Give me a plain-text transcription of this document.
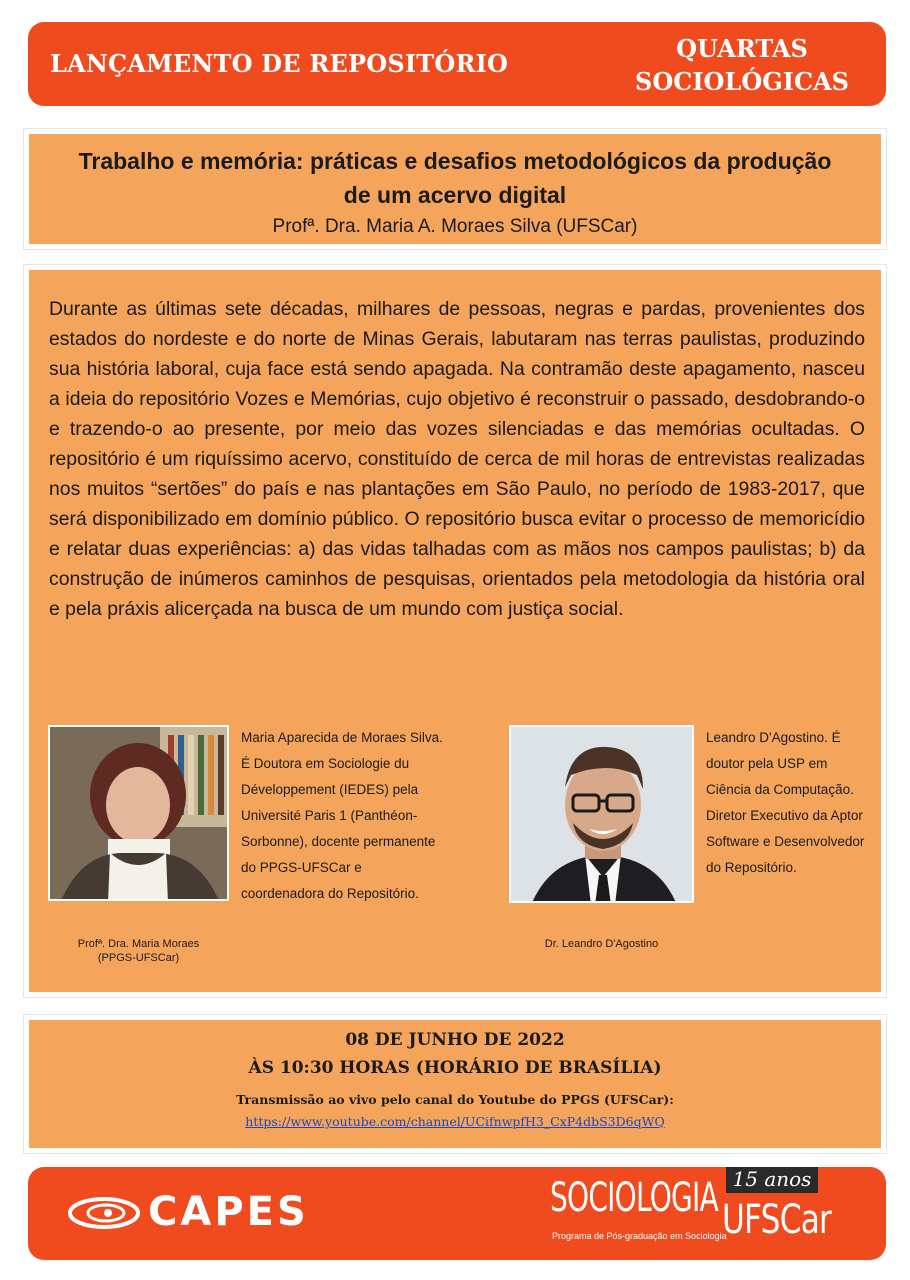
LANÇAMENTO DE REPOSITÓRIO
QUARTAS
SOCIOLÓGICAS
Trabalho e memória: práticas e desafios metodológicos da produção de um acervo digital
Profª. Dra. Maria A. Moraes Silva (UFSCar)

Durante as últimas sete décadas, milhares de pessoas, negras e pardas, provenientes dos estados do nordeste e do norte de Minas Gerais, labutaram nas terras paulistas, produzindo sua história laboral, cuja face está sendo apagada. Na contramão deste apagamento, nasceu a ideia do repositório Vozes e Memórias, cujo objetivo é reconstruir o passado, desdobrando-o e trazendo-o ao presente, por meio das vozes silenciadas e das memórias ocultadas. O repositório é um riquíssimo acervo, constituído de cerca de mil horas de entrevistas realizadas nos muitos “sertões” do país e nas plantações em São Paulo, no período de 1983-2017, que será disponibilizado em domínio público. O repositório busca evitar o processo de memoricídio e relatar duas experiências: a) das vidas talhadas com as mãos nos campos paulistas; b) da construção de inúmeros caminhos de pesquisas, orientados pela metodologia da história oral e pela práxis alicerçada na busca de um mundo com justiça social.

Profª. Dra. Maria Moraes
(PPGS-UFSCar)
Maria Aparecida de Moraes Silva. É Doutora em Sociologie du Développement (IEDES) pela Université Paris 1 (Panthéon-Sorbonne), docente permanente do PPGS-UFSCar e coordenadora do Repositório.
Dr. Leandro D'Agostino
Leandro D'Agostino. É doutor pela USP em Ciência da Computação. Diretor Executivo da Aptor Software e Desenvolvedor do Repositório.
08 DE JUNHO DE 2022
ÀS 10:30 HORAS (HORÁRIO DE BRASÍLIA)
Transmissão ao vivo pelo canal do Youtube do PPGS (UFSCar):
https://www.youtube.com/channel/UCifnwpfH3_CxP4dbS3D6qWQ
CAPES	SOCIOLOGIA 15 anos
UFSCar
Programa de Pós-graduação em Sociologia
